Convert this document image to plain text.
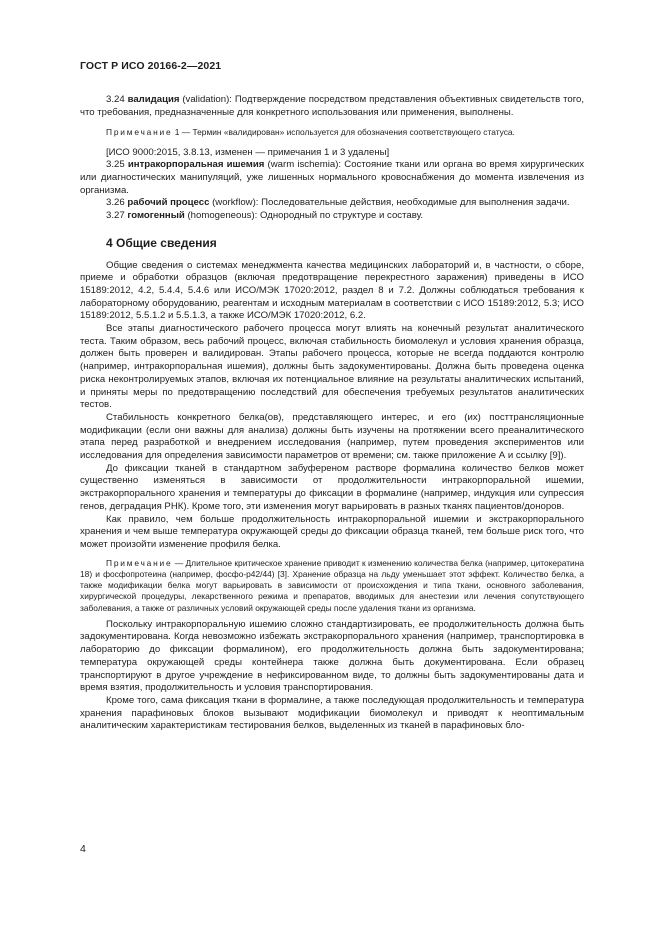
ГОСТ Р ИСО 20166-2—2021

3.24 валидация (validation): Подтверждение посредством представления объективных свидетельств того, что требования, предназначенные для конкретного использования или применения, выполнены.

Примечание 1 — Термин «валидирован» используется для обозначения соответствующего статуса.

[ИСО 9000:2015, 3.8.13, изменен — примечания 1 и 3 удалены]

3.25 интракорпоральная ишемия (warm ischemia): Состояние ткани или органа во время хирургических или диагностических манипуляций, уже лишенных нормального кровоснабжения до момента извлечения из организма.

3.26 рабочий процесс (workflow): Последовательные действия, необходимые для выполнения задачи.

3.27 гомогенный (homogeneous): Однородный по структуре и составу.

4 Общие сведения

Общие сведения о системах менеджмента качества медицинских лабораторий и, в частности, о сборе, приеме и обработки образцов (включая предотвращение перекрестного заражения) приведены в ИСО 15189:2012, 4.2, 5.4.4, 5.4.6 или ИСО/МЭК 17020:2012, раздел 8 и 7.2. Должны соблюдаться требования к лабораторному оборудованию, реагентам и исходным материалам в соответствии с ИСО 15189:2012, 5.3; ИСО 15189:2012, 5.5.1.2 и 5.5.1.3, а также ИСО/МЭК 17020:2012, 6.2.

Все этапы диагностического рабочего процесса могут влиять на конечный результат аналитического теста. Таким образом, весь рабочий процесс, включая стабильность биомолекул и условия хранения образца, должен быть проверен и валидирован. Этапы рабочего процесса, которые не всегда поддаются контролю (например, интракорпоральная ишемия), должны быть задокументированы. Должна быть проведена оценка риска неконтролируемых этапов, включая их потенциальное влияние на результаты аналитических испытаний, и приняты меры по предотвращению последствий для обеспечения требуемых результатов аналитических тестов.

Стабильность конкретного белка(ов), представляющего интерес, и его (их) посттрансляционные модификации (если они важны для анализа) должны быть изучены на протяжении всего преаналитического этапа перед разработкой и внедрением исследования (например, путем проведения экспериментов или исследования для определения зависимости параметров от времени; см. также приложение А и ссылку [9]).

До фиксации тканей в стандартном забуференом растворе формалина количество белков может существенно изменяться в зависимости от продолжительности интракорпоральной ишемии, экстракорпорального хранения и температуры до фиксации в формалине (например, индукция или супрессия генов, деградация РНК). Кроме того, эти изменения могут варьировать в разных тканях пациентов/доноров.

Как правило, чем больше продолжительность интракорпоральной ишемии и экстракорпорального хранения и чем выше температура окружающей среды до фиксации образца тканей, тем больше риск того, что может произойти изменение профиля белка.

Примечание — Длительное критическое хранение приводит к изменению количества белка (например, цитокератина 18) и фосфопротеина (например, фосфо-р42/44) [3]. Хранение образца на льду уменьшает этот эффект. Количество белка, а также модификации белка могут варьировать в зависимости от происхождения и типа ткани, основного заболевания, хирургической процедуры, лекарственного режима и препаратов, вводимых для анестезии или лечения сопутствующего заболевания, а также от различных условий окружающей среды после удаления ткани из организма.

Поскольку интракорпоральную ишемию сложно стандартизировать, ее продолжительность должна быть задокументирована. Когда невозможно избежать экстракорпорального хранения (например, транспортировка в лабораторию до фиксации формалином), его продолжительность должна быть задокументирована; температура окружающей среды контейнера также должна быть документирована. Если образец транспортируют в другое учреждение в нефиксированном виде, то должны быть задокументированы дата и время взятия, продолжительность и условия транспортирования.

Кроме того, сама фиксация ткани в формалине, а также последующая продолжительность и температура хранения парафиновых блоков вызывают модификации биомолекул и приводят к неоптимальным аналитическим характеристикам тестирования белков, выделенных из тканей в парафиновых бло-

4
